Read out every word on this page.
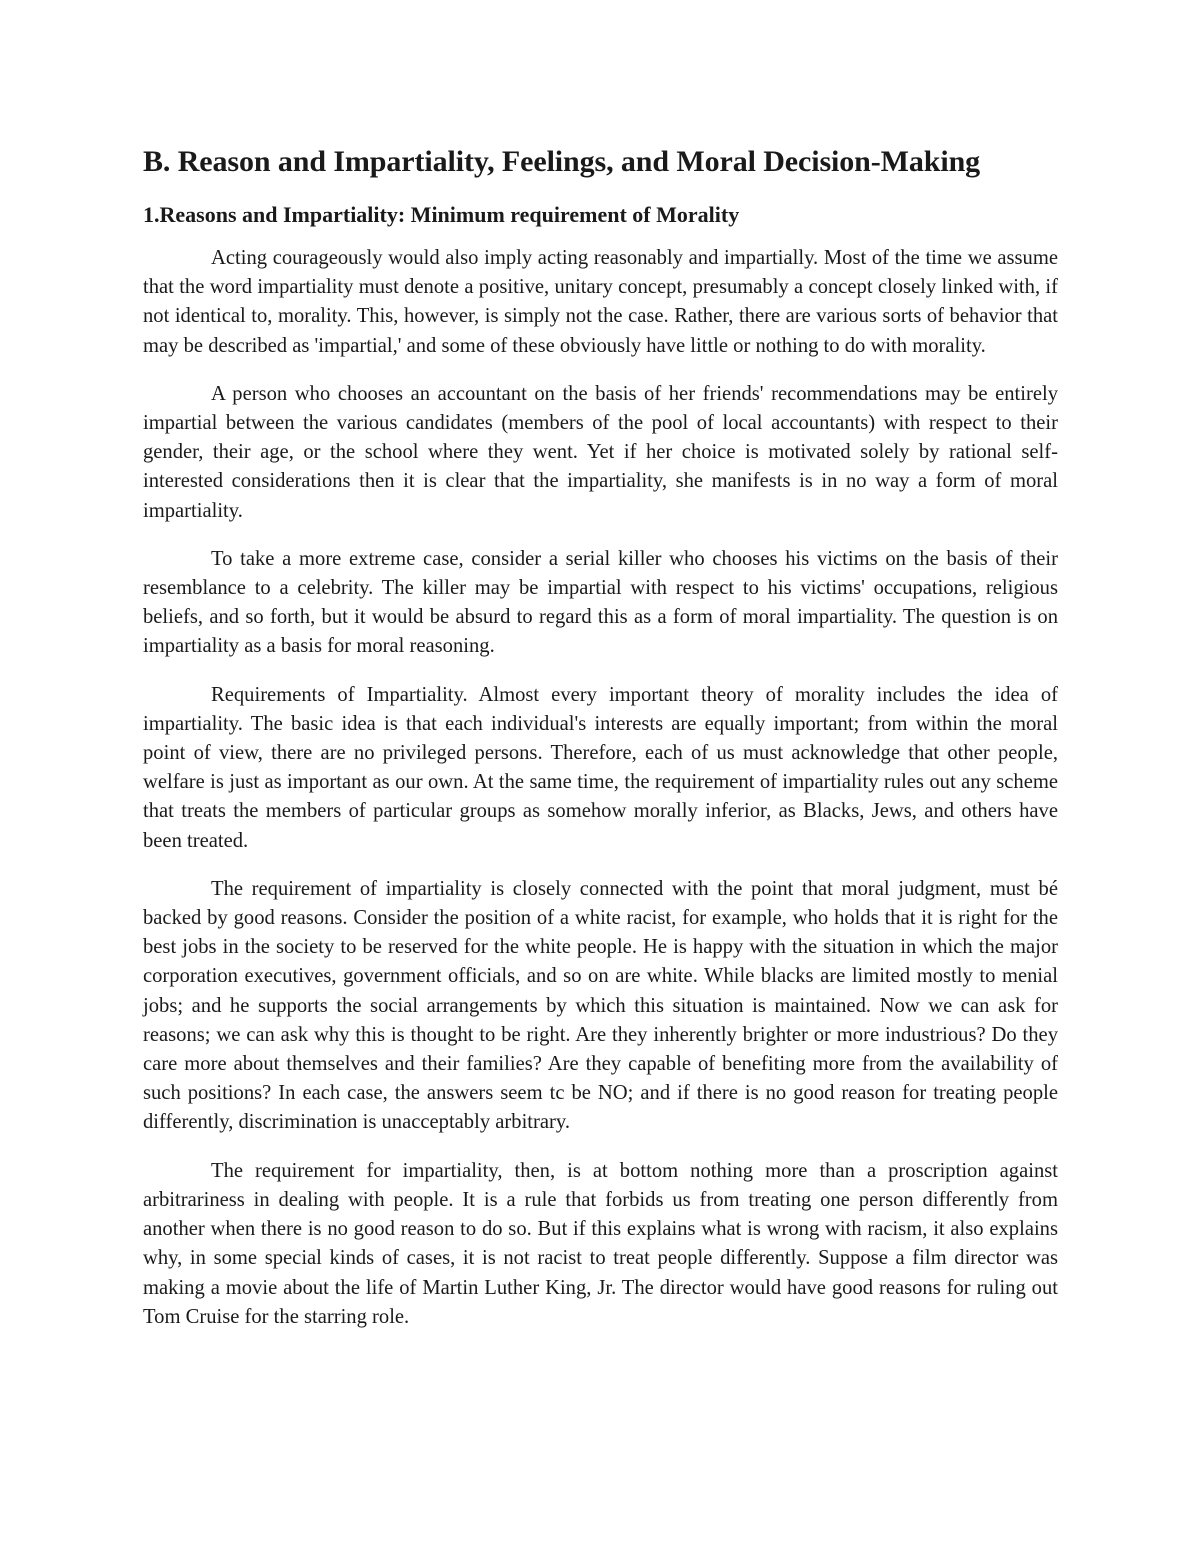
B. Reason and Impartiality, Feelings, and Moral Decision-Making
1.Reasons and Impartiality: Minimum requirement of Morality

Acting courageously would also imply acting reasonably and impartially. Most of the time we assume that the word impartiality must denote a positive, unitary concept, presumably a concept closely linked with, if not identical to, morality. This, however, is simply not the case. Rather, there are various sorts of behavior that may be described as 'impartial,' and some of these obviously have little or nothing to do with morality.

A person who chooses an accountant on the basis of her friends' recommendations may be entirely impartial between the various candidates (members of the pool of local accountants) with respect to their gender, their age, or the school where they went. Yet if her choice is motivated solely by rational self-interested considerations then it is clear that the impartiality, she manifests is in no way a form of moral impartiality.

To take a more extreme case, consider a serial killer who chooses his victims on the basis of their resemblance to a celebrity. The killer may be impartial with respect to his victims' occupations, religious beliefs, and so forth, but it would be absurd to regard this as a form of moral impartiality. The question is on impartiality as a basis for moral reasoning.

Requirements of Impartiality. Almost every important theory of morality includes the idea of impartiality. The basic idea is that each individual's interests are equally important; from within the moral point of view, there are no privileged persons. Therefore, each of us must acknowledge that other people, welfare is just as important as our own. At the same time, the requirement of impartiality rules out any scheme that treats the members of particular groups as somehow morally inferior, as Blacks, Jews, and others have been treated.

The requirement of impartiality is closely connected with the point that moral judgment, must bé backed by good reasons. Consider the position of a white racist, for example, who holds that it is right for the best jobs in the society to be reserved for the white people. He is happy with the situation in which the major corporation executives, government officials, and so on are white. While blacks are limited mostly to menial jobs; and he supports the social arrangements by which this situation is maintained. Now we can ask for reasons; we can ask why this is thought to be right. Are they inherently brighter or more industrious? Do they care more about themselves and their families? Are they capable of benefiting more from the availability of such positions? In each case, the answers seem tc be NO; and if there is no good reason for treating people differently, discrimination is unacceptably arbitrary.

The requirement for impartiality, then, is at bottom nothing more than a proscription against arbitrariness in dealing with people. It is a rule that forbids us from treating one person differently from another when there is no good reason to do so. But if this explains what is wrong with racism, it also explains why, in some special kinds of cases, it is not racist to treat people differently. Suppose a film director was making a movie about the life of Martin Luther King, Jr. The director would have good reasons for ruling out Tom Cruise for the starring role.
